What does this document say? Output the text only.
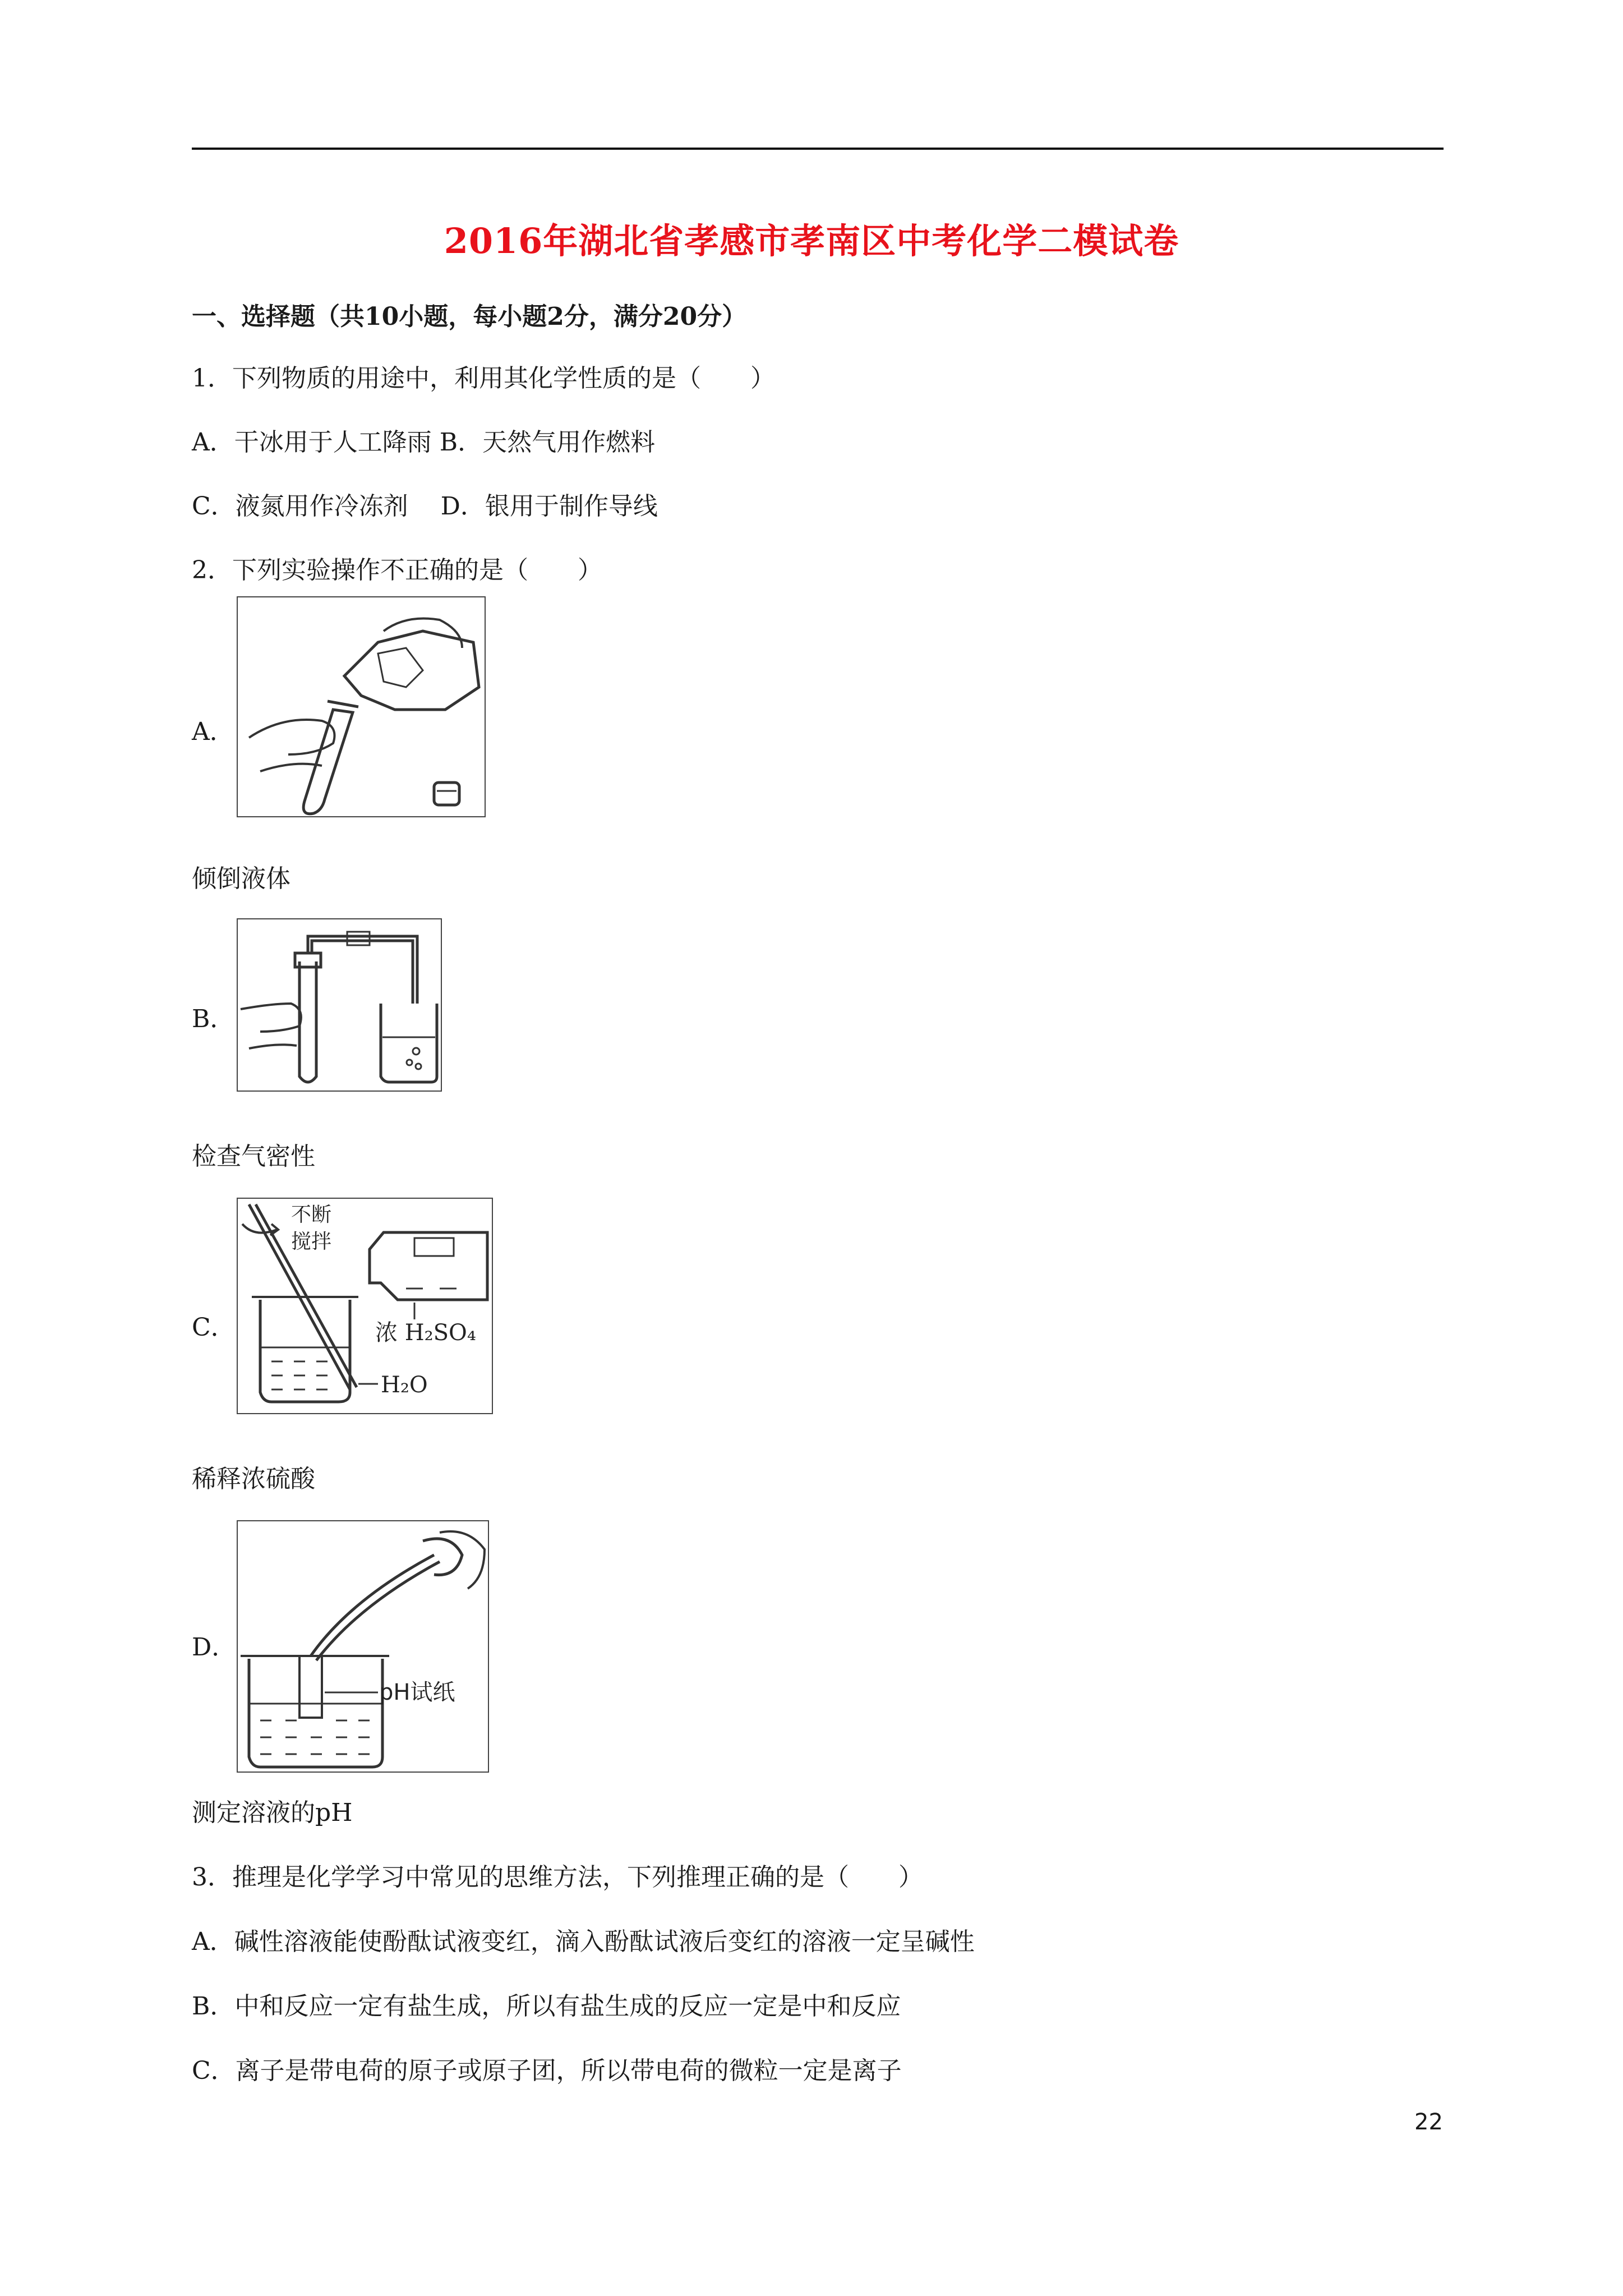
2016年湖北省孝感市孝南区中考化学二模试卷
一、选择题（共10小题，每小题2分，满分20分）
1．下列物质的用途中，利用其化学性质的是（　　）
A．干冰用于人工降雨 B．天然气用作燃料
C．液氮用作冷冻剂　 D．银用于制作导线
2．下列实验操作不正确的是（　　）
A．
倾倒液体
B．
检查气密性
C．
不断
搅拌
浓 H₂SO₄
H₂O
稀释浓硫酸
D．
pH试纸
测定溶液的pH
3．推理是化学学习中常见的思维方法，下列推理正确的是（　　）
A．碱性溶液能使酚酞试液变红，滴入酚酞试液后变红的溶液一定呈碱性
B．中和反应一定有盐生成，所以有盐生成的反应一定是中和反应
C．离子是带电荷的原子或原子团，所以带电荷的微粒一定是离子
22
